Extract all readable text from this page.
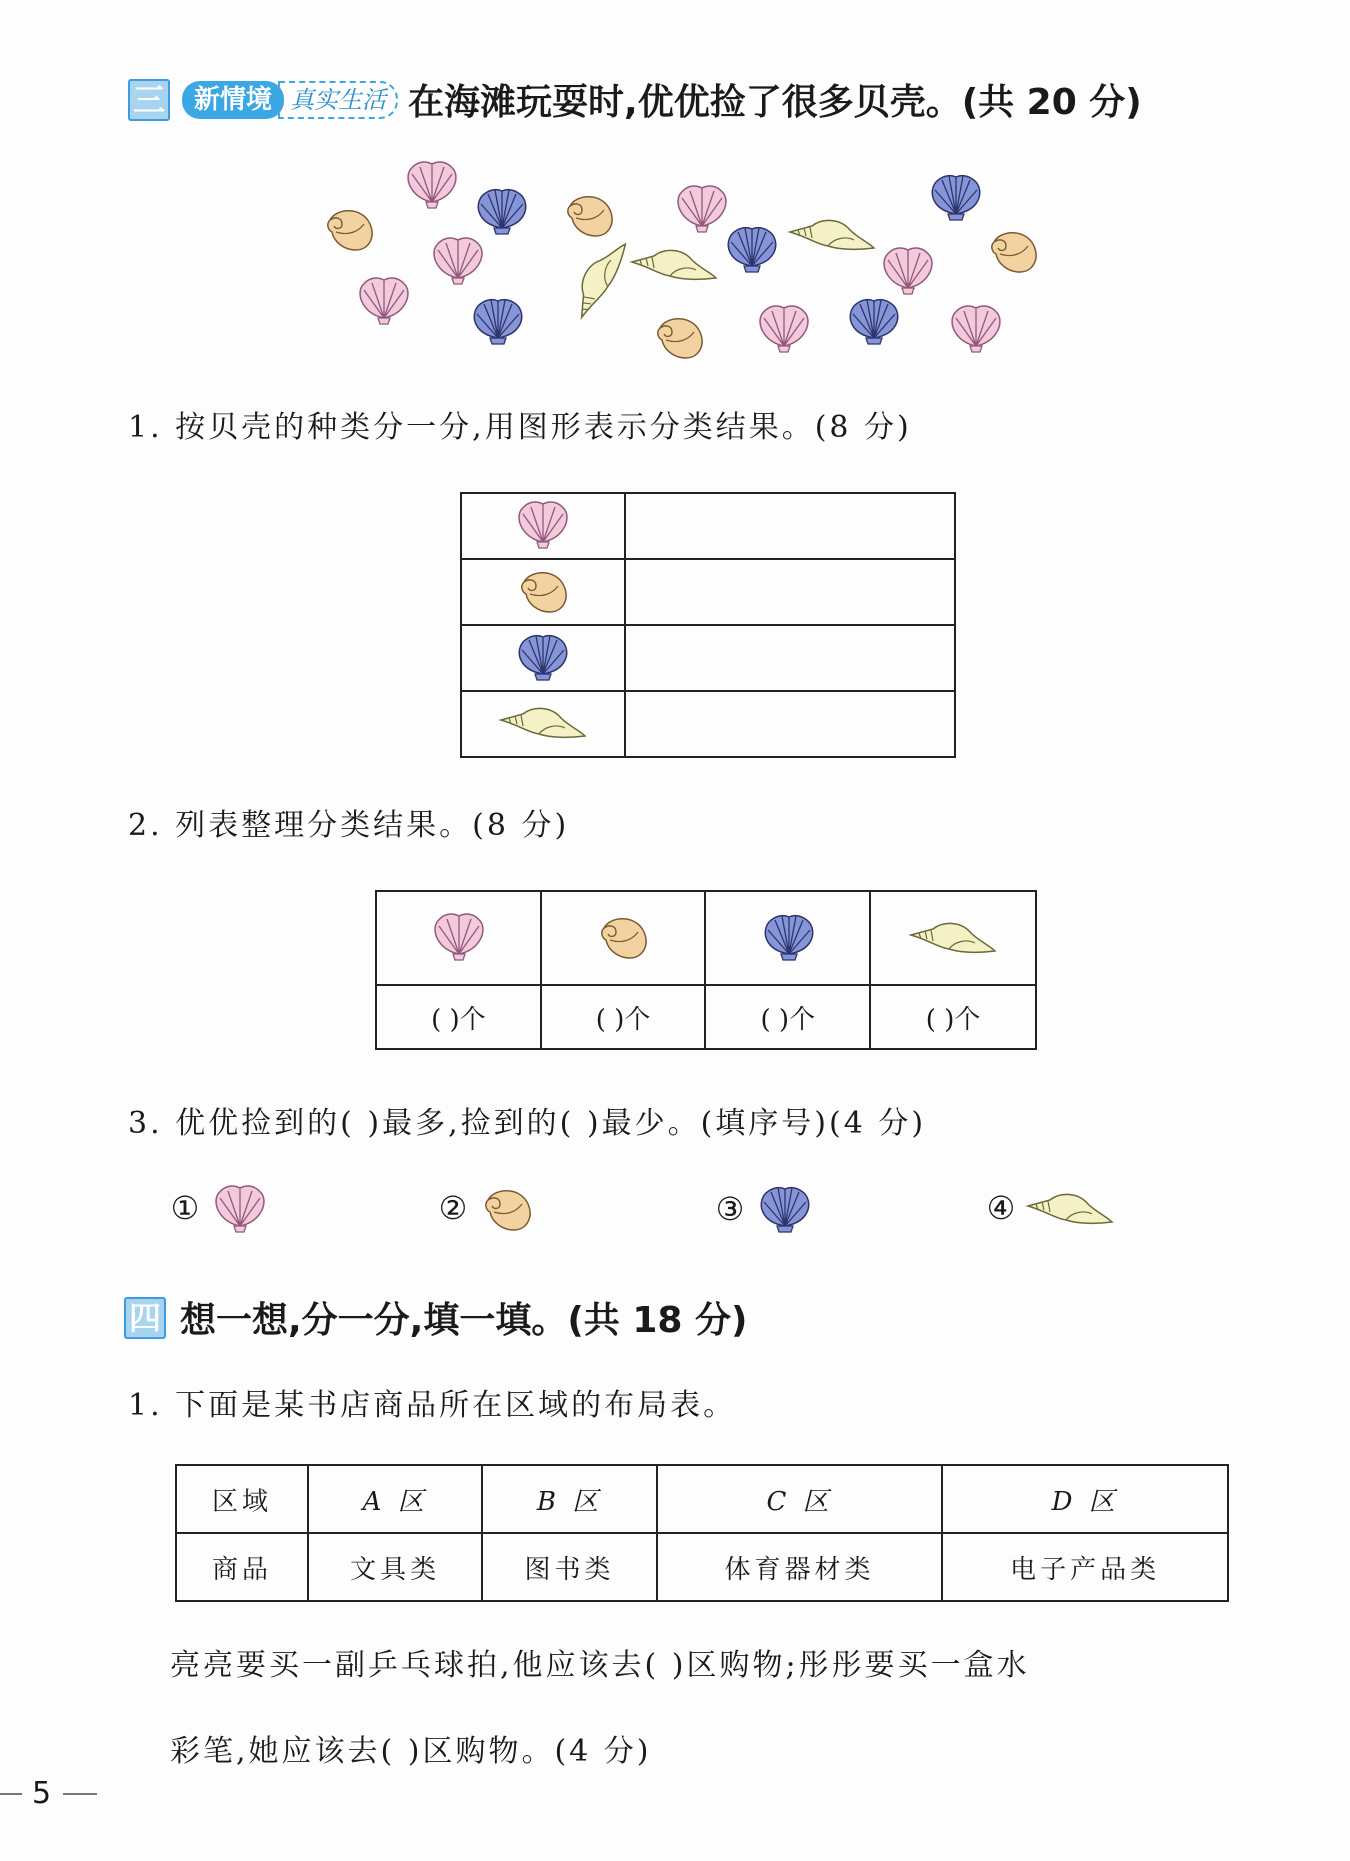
三	新情境 真实生活 在海滩玩耍时,优优捡了很多贝壳。(共 20 分)
1. 按贝壳的种类分一分,用图形表示分类结果。(8 分)

2. 列表整理分类结果。(8 分)

( )个	( )个	( )个	( )个
3. 优优捡到的( )最多,捡到的( )最少。(填序号)(4 分)
①	②	③	④
四 想一想,分一分,填一填。(共 18 分)
1. 下面是某书店商品所在区域的布局表。
区域	A 区	B 区	C 区	D 区
商品	文具类	图书类	体育器材类	电子产品类
亮亮要买一副乒乓球拍,他应该去( )区购物;彤彤要买一盒水
彩笔,她应该去( )区购物。(4 分)
5
